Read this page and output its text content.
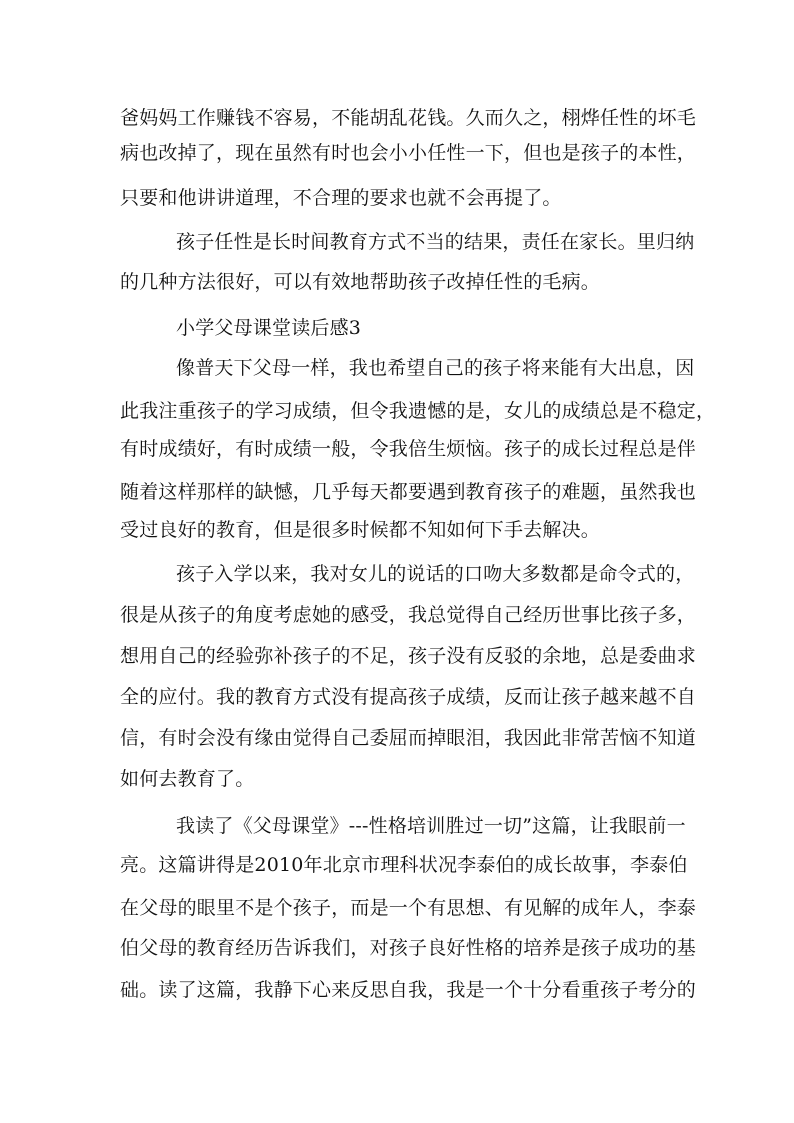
爸妈妈工作赚钱不容易，不能胡乱花钱。久而久之，栩烨任性的坏毛
病也改掉了，现在虽然有时也会小小任性一下，但也是孩子的本性，
只要和他讲讲道理，不合理的要求也就不会再提了。
孩子任性是长时间教育方式不当的结果，责任在家长。里归纳
的几种方法很好，可以有效地帮助孩子改掉任性的毛病。
小学父母课堂读后感3
像普天下父母一样，我也希望自己的孩子将来能有大出息，因
此我注重孩子的学习成绩，但令我遗憾的是，女儿的成绩总是不稳定，
有时成绩好，有时成绩一般，令我倍生烦恼。孩子的成长过程总是伴
随着这样那样的缺憾，几乎每天都要遇到教育孩子的难题，虽然我也
受过良好的教育，但是很多时候都不知如何下手去解决。
孩子入学以来，我对女儿的说话的口吻大多数都是命令式的，
很是从孩子的角度考虑她的感受，我总觉得自己经历世事比孩子多，
想用自己的经验弥补孩子的不足，孩子没有反驳的余地，总是委曲求
全的应付。我的教育方式没有提高孩子成绩，反而让孩子越来越不自
信，有时会没有缘由觉得自己委屈而掉眼泪，我因此非常苦恼不知道
如何去教育了。
我读了《父母课堂》---性格培训胜过一切”这篇，让我眼前一
亮。这篇讲得是2010年北京市理科状况李泰伯的成长故事，李泰伯
在父母的眼里不是个孩子，而是一个有思想、有见解的成年人，李泰
伯父母的教育经历告诉我们，对孩子良好性格的培养是孩子成功的基
础。读了这篇，我静下心来反思自我，我是一个十分看重孩子考分的
